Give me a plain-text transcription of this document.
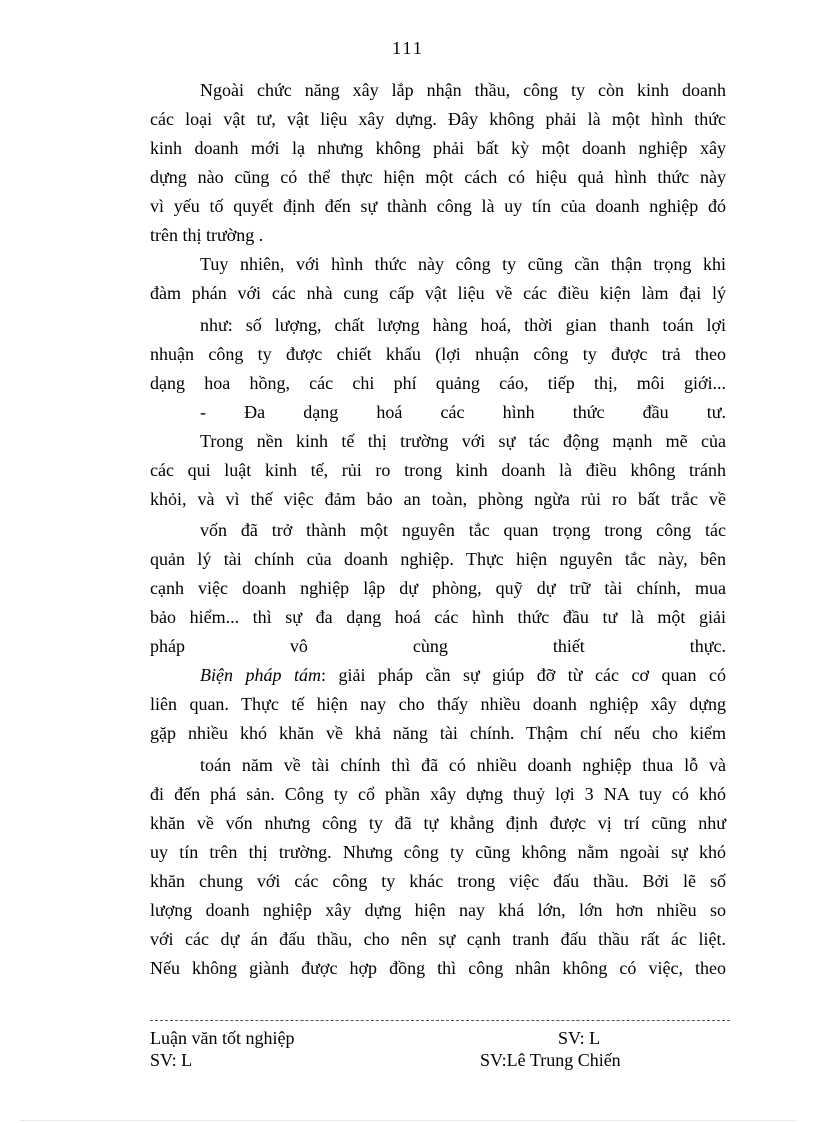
111
Ngoài chức năng xây lắp nhận thầu, công ty còn kinh doanh
các loại vật tư, vật liệu xây dựng. Đây không phải là một hình thức
kinh doanh mới lạ nhưng không phải bất kỳ một doanh nghiệp xây
dựng nào cũng có thể thực hiện một cách có hiệu quả hình thức này
vì yếu tố quyết định đến sự thành công là uy tín của doanh nghiệp đó
trên thị trường .
Tuy nhiên, với hình thức này công ty cũng cần thận trọng khi
đàm phán với các nhà cung cấp vật liệu về các điều kiện làm đại lý
như: số lượng, chất lượng hàng hoá, thời gian thanh toán lợi
nhuận công ty được chiết khấu (lợi nhuận công ty được trả theo
dạng hoa hồng, các chi phí quảng cáo, tiếp thị, môi giới...
- Đa dạng hoá các hình thức đầu tư.
Trong nền kinh tế thị trường với sự tác động mạnh mẽ của
các qui luật kinh tế, rủi ro trong kinh doanh là điều không tránh
khỏi, và vì thế việc đảm bảo an toàn, phòng ngừa rủi ro bất trắc về
vốn đã trở thành một nguyên tắc quan trọng trong công tác
quản lý tài chính của doanh nghiệp. Thực hiện nguyên tắc này, bên
cạnh việc doanh nghiệp lập dự phòng, quỹ dự trữ tài chính, mua
bảo hiểm... thì sự đa dạng hoá các hình thức đầu tư là một giải
pháp vô cùng thiết thực.
Biện pháp tám: giải pháp cần sự giúp đỡ từ các cơ quan có
liên quan. Thực tế hiện nay cho thấy nhiều doanh nghiệp xây dựng
gặp nhiều khó khăn về khả năng tài chính. Thậm chí nếu cho kiểm
toán năm về tài chính thì đã có nhiều doanh nghiệp thua lỗ và
đi đến phá sản. Công ty cổ phần xây dựng thuỷ lợi 3 NA tuy có khó
khăn về vốn nhưng công ty đã tự khẳng định được vị trí cũng như
uy tín trên thị trường. Nhưng công ty cũng không nằm ngoài sự khó
khăn chung với các công ty khác trong việc đấu thầu. Bởi lẽ số
lượng doanh nghiệp xây dựng hiện nay khá lớn, lớn hơn nhiều so
với các dự án đấu thầu, cho nên sự cạnh tranh đấu thầu rất ác liệt.
Nếu không giành được hợp đồng thì công nhân không có việc, theo
Luận văn tốt nghiệp	SV: L
SV: L	SV:Lê Trung Chiến
